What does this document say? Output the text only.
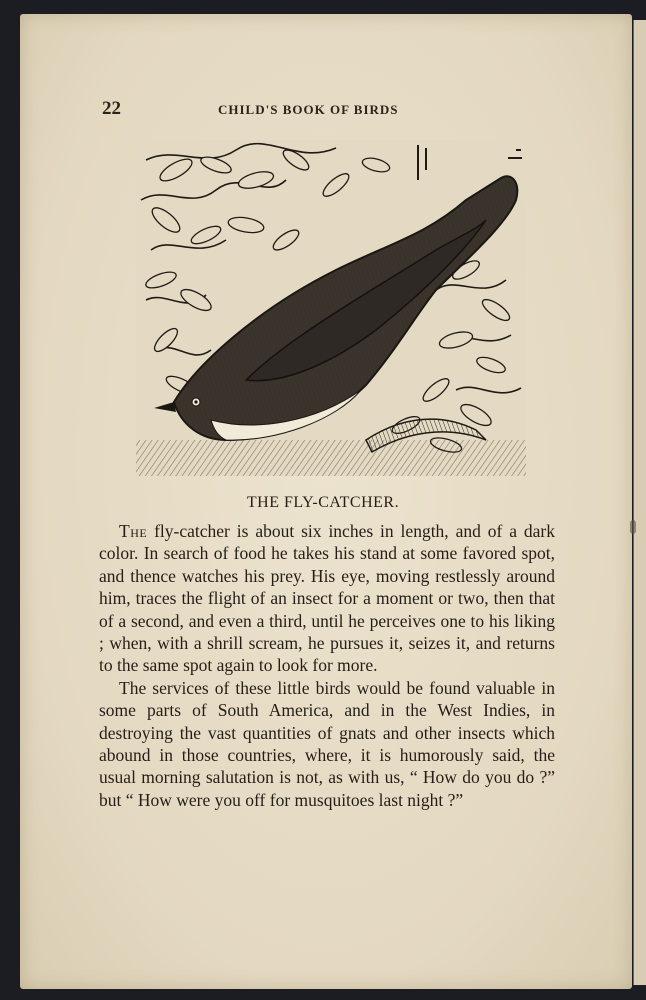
22	CHILD'S BOOK OF BIRDS
THE FLY-CATCHER.

The fly-catcher is about six inches in length, and of a dark color. In search of food he takes his stand at some favored spot, and thence watches his prey. His eye, moving restlessly around him, traces the flight of an insect for a moment or two, then that of a second, and even a third, until he perceives one to his liking ; when, with a shrill scream, he pursues it, seizes it, and returns to the same spot again to look for more.

The services of these little birds would be found valuable in some parts of South America, and in the West Indies, in destroying the vast quantities of gnats and other insects which abound in those countries, where, it is humorously said, the usual morning salutation is not, as with us, “ How do you do ?” but “ How were you off for musquitoes last night ?”
